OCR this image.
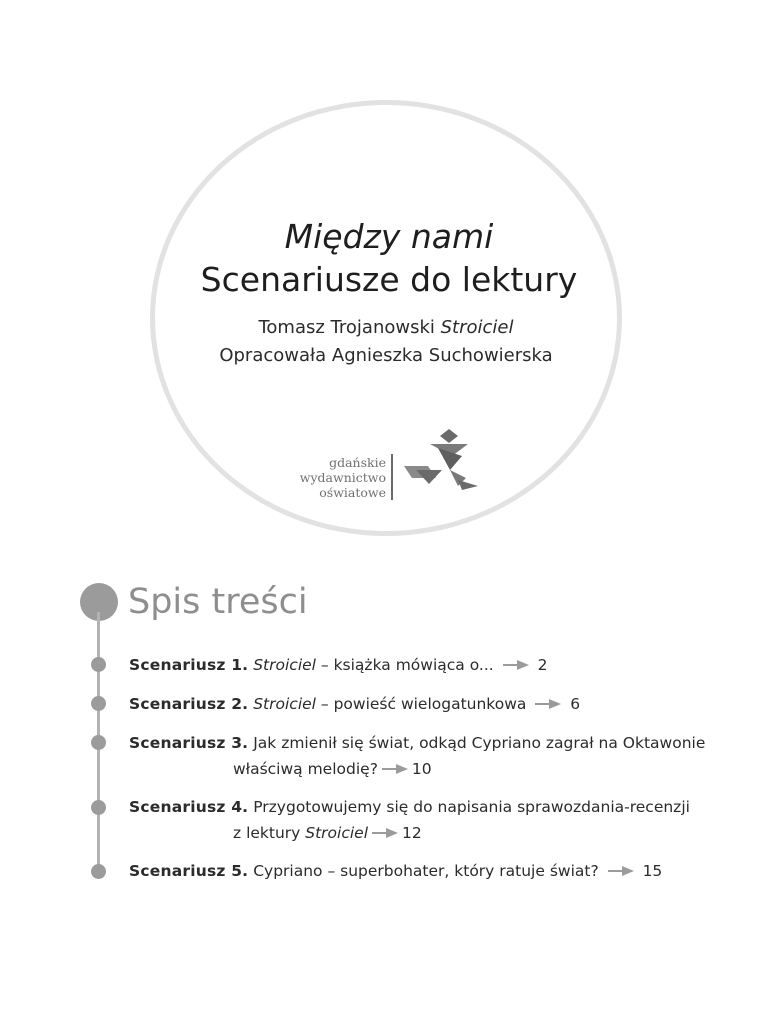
Między nami
Scenariusze do lektury
Tomasz Trojanowski Stroiciel
Opracowała Agnieszka Suchowierska
gdańskie
wydawnictwo
oświatowe
Spis treści
Scenariusz 1. Stroiciel – książka mówiąca o...	2
Scenariusz 2. Stroiciel – powieść wielogatunkowa	6
Scenariusz 3. Jak zmienił się świat, odkąd Cypriano zagrał na Oktawonie
właściwą melodię? 10
Scenariusz 4. Przygotowujemy się do napisania sprawozdania-recenzji
z lektury Stroiciel 12
Scenariusz 5. Cypriano – superbohater, który ratuje świat?	15
